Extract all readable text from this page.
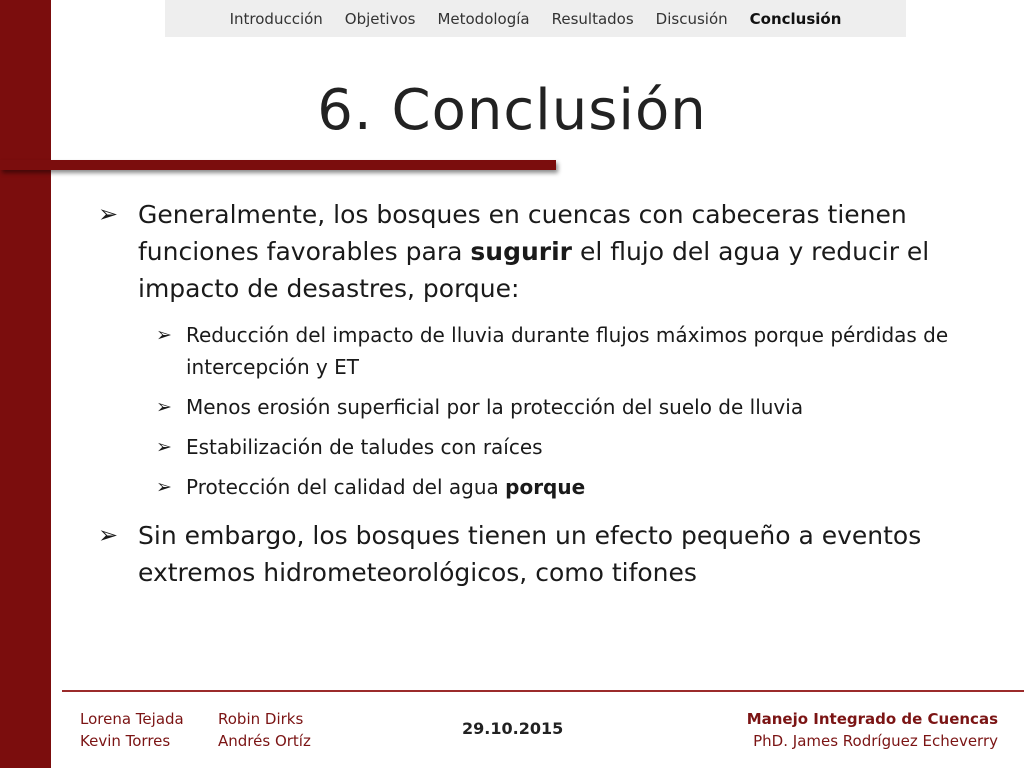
Introducción Objetivos Metodología Resultados Discusión Conclusión
6. Conclusión
➢ Generalmente, los bosques en cuencas con cabeceras tienen funciones favorables para sugurir el flujo del agua y reducir el impacto de desastres, porque:
➢ Reducción del impacto de lluvia durante flujos máximos porque pérdidas de intercepción y ET
➢ Menos erosión superficial por la protección del suelo de lluvia
➢ Estabilización de taludes con raíces
➢ Protección del calidad del agua porque
➢ Sin embargo, los bosques tienen un efecto pequeño a eventos extremos hidrometeorológicos, como tifones
Lorena Tejada
Kevin Torres
Robin Dirks
Andrés Ortíz
29.10.2015	Manejo Integrado de Cuencas
PhD. James Rodríguez Echeverry
